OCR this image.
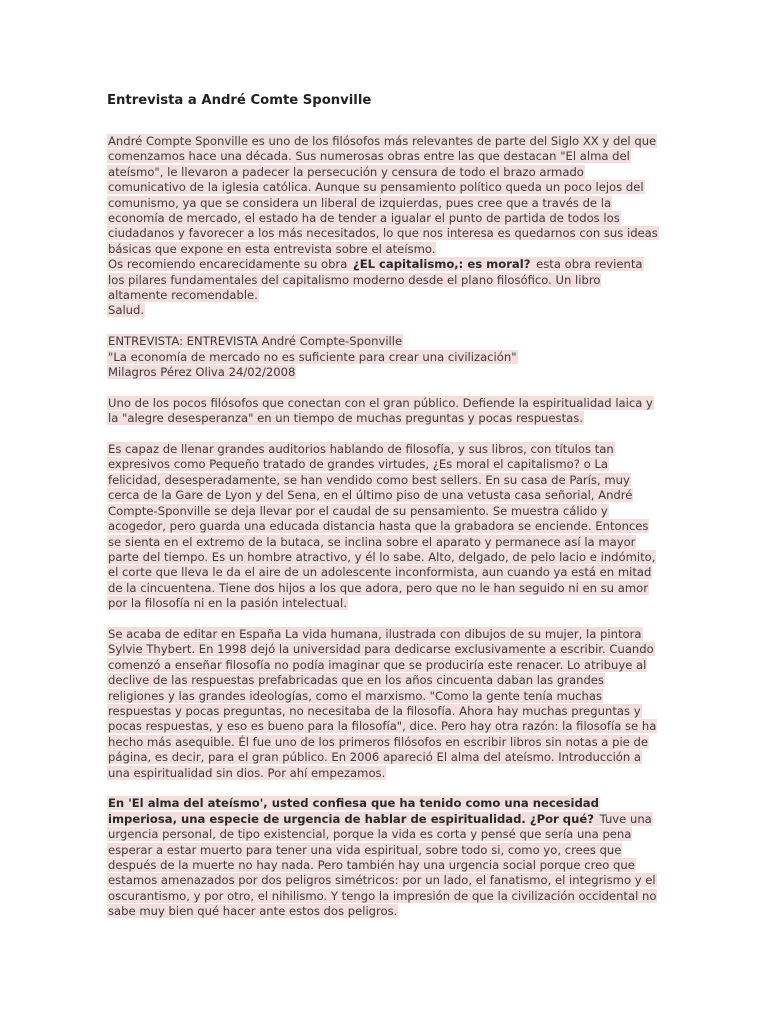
Entrevista a André Comte Sponville
André Compte Sponville es uno de los filósofos más relevantes de parte del Siglo XX y del que comenzamos hace una década. Sus numerosas obras entre las que destacan "El alma del ateísmo", le llevaron a padecer la persecución y censura de todo el brazo armado comunicativo de la iglesia católica. Aunque su pensamiento político queda un poco lejos del comunismo, ya que se considera un liberal de izquierdas, pues cree que a través de la economía de mercado, el estado ha de tender a igualar el punto de partida de todos los ciudadanos y favorecer a los más necesitados, lo que nos interesa es quedarnos con sus ideas básicas que expone en esta entrevista sobre el ateísmo.
Os recomiendo encarecidamente su obra ¿EL capitalismo,: es moral? esta obra revienta los pilares fundamentales del capitalismo moderno desde el plano filosófico. Un libro altamente recomendable.
Salud.
ENTREVISTA: ENTREVISTA André Compte-Sponville
"La economía de mercado no es suficiente para crear una civilización"
Milagros Pérez Oliva 24/02/2008
Uno de los pocos filósofos que conectan con el gran público. Defiende la espiritualidad laica y la "alegre desesperanza" en un tiempo de muchas preguntas y pocas respuestas.
Es capaz de llenar grandes auditorios hablando de filosofía, y sus libros, con títulos tan expresivos como Pequeño tratado de grandes virtudes, ¿Es moral el capitalismo? o La felicidad, desesperadamente, se han vendido como best sellers. En su casa de París, muy cerca de la Gare de Lyon y del Sena, en el último piso de una vetusta casa señorial, André Compte-Sponville se deja llevar por el caudal de su pensamiento. Se muestra cálido y acogedor, pero guarda una educada distancia hasta que la grabadora se enciende. Entonces se sienta en el extremo de la butaca, se inclina sobre el aparato y permanece así la mayor parte del tiempo. Es un hombre atractivo, y él lo sabe. Alto, delgado, de pelo lacio e indómito, el corte que lleva le da el aire de un adolescente inconformista, aun cuando ya está en mitad de la cincuentena. Tiene dos hijos a los que adora, pero que no le han seguido ni en su amor por la filosofía ni en la pasión intelectual.
Se acaba de editar en España La vida humana, ilustrada con dibujos de su mujer, la pintora Sylvie Thybert. En 1998 dejó la universidad para dedicarse exclusivamente a escribir. Cuando comenzó a enseñar filosofía no podía imaginar que se produciría este renacer. Lo atribuye al declive de las respuestas prefabricadas que en los años cincuenta daban las grandes religiones y las grandes ideologías, como el marxismo. "Como la gente tenía muchas respuestas y pocas preguntas, no necesitaba de la filosofía. Ahora hay muchas preguntas y pocas respuestas, y eso es bueno para la filosofía", dice. Pero hay otra razón: la filosofía se ha hecho más asequible. Él fue uno de los primeros filósofos en escribir libros sin notas a pie de página, es decir, para el gran público. En 2006 apareció El alma del ateísmo. Introducción a una espiritualidad sin dios. Por ahí empezamos.
En 'El alma del ateísmo', usted confiesa que ha tenido como una necesidad imperiosa, una especie de urgencia de hablar de espiritualidad. ¿Por qué? Tuve una urgencia personal, de tipo existencial, porque la vida es corta y pensé que sería una pena esperar a estar muerto para tener una vida espiritual, sobre todo si, como yo, crees que después de la muerte no hay nada. Pero también hay una urgencia social porque creo que estamos amenazados por dos peligros simétricos: por un lado, el fanatismo, el integrismo y el oscurantismo, y por otro, el nihilismo. Y tengo la impresión de que la civilización occidental no sabe muy bien qué hacer ante estos dos peligros.
